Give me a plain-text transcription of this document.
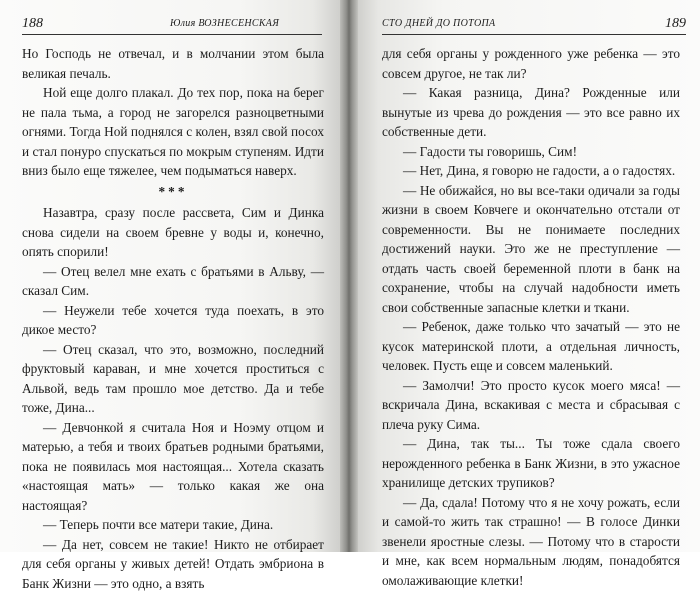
188	Юлия ВОЗНЕСЕНСКАЯ

Но Господь не отвечал, и в молчании этом была великая печаль.

Ной еще долго плакал. До тех пор, пока на берег не пала тьма, а город не загорелся разноцветными огнями. Тогда Ной поднялся с колен, взял свой посох и стал понуро спускаться по мокрым ступеням. Идти вниз было еще тяжелее, чем подыматься наверх.

***

Назавтра, сразу после рассвета, Сим и Динка снова сидели на своем бревне у воды и, конечно, опять спорили!

— Отец велел мне ехать с братьями в Альву, — сказал Сим.

— Неужели тебе хочется туда поехать, в это дикое место?

— Отец сказал, что это, возможно, последний фруктовый караван, и мне хочется проститься с Альвой, ведь там прошло мое детство. Да и тебе тоже, Дина...

— Девчонкой я считала Ноя и Ноэму отцом и матерью, а тебя и твоих братьев родными братьями, пока не появилась моя настоящая... Хотела сказать «настоящая мать» — только какая же она настоящая?

— Теперь почти все матери такие, Дина.

— Да нет, совсем не такие! Никто не отбирает для себя органы у живых детей! Отдать эмбриона в Банк Жизни — это одно, а взять

СТО ДНЕЙ ДО ПОТОПА	189

для себя органы у рожденного уже ребенка — это совсем другое, не так ли?

— Какая разница, Дина? Рожденные или вынутые из чрева до рождения — это все равно их собственные дети.

— Гадости ты говоришь, Сим!

— Нет, Дина, я говорю не гадости, а о гадостях.

— Не обижайся, но вы все-таки одичали за годы жизни в своем Ковчеге и окончательно отстали от современности. Вы не понимаете последних достижений науки. Это же не преступление — отдать часть своей беременной плоти в банк на сохранение, чтобы на случай надобности иметь свои собственные запасные клетки и ткани.

— Ребенок, даже только что зачатый — это не кусок материнской плоти, а отдельная личность, человек. Пусть еще и совсем маленький.

— Замолчи! Это просто кусок моего мяса! — вскричала Дина, вскакивая с места и сбрасывая с плеча руку Сима.

— Дина, так ты... Ты тоже сдала своего нерожденного ребенка в Банк Жизни, в это ужасное хранилище детских трупиков?

— Да, сдала! Потому что я не хочу рожать, если и самой-то жить так страшно! — В голосе Динки звенели яростные слезы. — Потому что в старости и мне, как всем нормальным людям, понадобятся омолаживающие клетки!
